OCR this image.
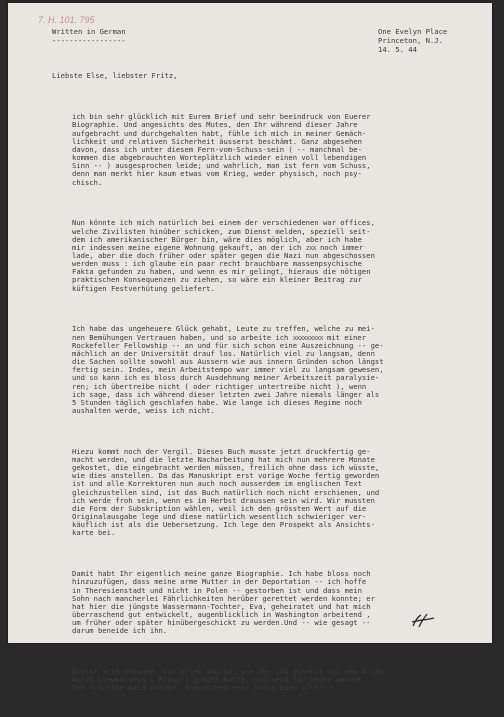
7. H. 101. 795
Written in German
-----------------
One Evelyn Place
Princeton, N.J.
14. 5. 44
Liebste Else, liebster Fritz,

ich bin sehr glücklich mit Eurem Brief und sehr beeindruck von Euerer
Biographie. Und angesichts des Mutes, den Ihr während dieser Jahre
aufgebracht und durchgehalten habt, fühle ich mich in meiner Gemäch-
lichkeit und relativen Sicherheit äusserst beschämt. Ganz abgesehen
davon, dass ich unter diesem Fern-vom-Schuss-sein ( -- manchmal be-
kommen die abgebrauchten Worteplätzlich wieder einen voll lebendigen
Sinn -- ) ausgesprochen leide; und wahrlich, man ist fern vom Schuss,
denn man merkt hier kaum etwas vom Krieg, weder physisch, noch psy-
chisch.

Nun könnte ich mich natürlich bei einem der verschiedenen war offices,
welche Zivilisten hinüber schicken, zum Dienst melden, speziell seit-
dem ich amerikanischer Bürger bin, wäre dies möglich, aber ich habe
mir indessen meine eigene Wohnung gekauft, an der ich zxx noch immer
lade, aber die doch früher oder später gegen die Nazi nun abgeschossen
werden muss : ich glaube ein paar recht brauchbare massenpsychische
Fakta gefunden zu haben, und wenn es mir gelingt, hieraus die nötigen
praktischen Konsequenzen zu ziehen, so wäre ein kleiner Beitrag zur
küftigen Festverhütung geliefert.

Ich habe das ungeheuere Glück gehabt, Leute zu treffen, welche zu mei-
nen Bemühungen Vertrauen haben, und so arbeite ich xxxxxxxxx mit einer
Rockefeller Fellowship -- an und für sich schon eine Auszeichnung -- ge-
mächlich an der Universität drauf los. Natürlich viel zu langsam, denn
die Sachen sollte sowohl aus Aussern wie aus innern Gründen schon längst
fertig sein. Indes, mein Arbeitstempo war immer viel zu langsam gewesen,
und so kann ich es bloss durch Ausdehnung meiner Arbeitszeit paralysie-
ren; ich übertreibe nicht ( oder richtiger untertreibe nicht ), wenn
ich sage, dass ich während dieser letzten zwei Jahre niemals länger als
5 Stunden täglich geschlafen habe. Wie lange ich dieses Regime noch
aushalten werde, weiss ich nicht.

Hiezu kommt noch der Vergil. Dieses Buch musste jetzt druckfertig ge-
macht werden, und die letzte Nacharbeitung hat mich nun mehrere Monate
gekostet, die eingebracht werden müssen, freilich ohne dass ich wüsste,
wie dies anstellen. Da das Manuskript erst vorige Woche fertig geworden
ist und alle Korrekturen nun auch noch ausserdem im englischen Text
gleichzustellen sind, ist das Buch natürlich noch nicht erschienen, und
ich werde froh sein, wenn es im Herbst draussen sein wird. Wir mussten
die Form der Subskription wählen, weil ich den grössten Wert auf die
Originalausgabe lege und diese natürlich wesentlich schwieriger ver-
käuflich ist als die Uebersetzung. Ich lege den Prospekt als Ansichts-
karte bei.

Damit habt Ihr eigentlich meine ganze Biographie. Ich habe bloss noch
hinzuzufügen, dass meine arme Mutter in der Deportation -- ich hoffe
in Theresienstadt und nicht in Polen -- gestorben ist und dass mein
Sohn nach mancherlei Fährlichkeiten herüber gerettet werden konnte; er
hat hier die jüngste Wassermann-Tochter, Eva, geheiratet und hat mich
überraschend gut entwickelt, augenblicklich in Washington arbeitend ,
um früher oder später hinübergeschickt zu werden.Und -- wie gesagt --
darum beneide ich ihn.

Grüsst alle Freunde, vor allem Ingrid, von der ich zuletzt vor dem Krieg
durch Loewenstein ( Prinz ) gehört hatte, und seid für heute umarmt.
Ich schreibe bald wieder. Inzwischen sehr innig Euer alter
